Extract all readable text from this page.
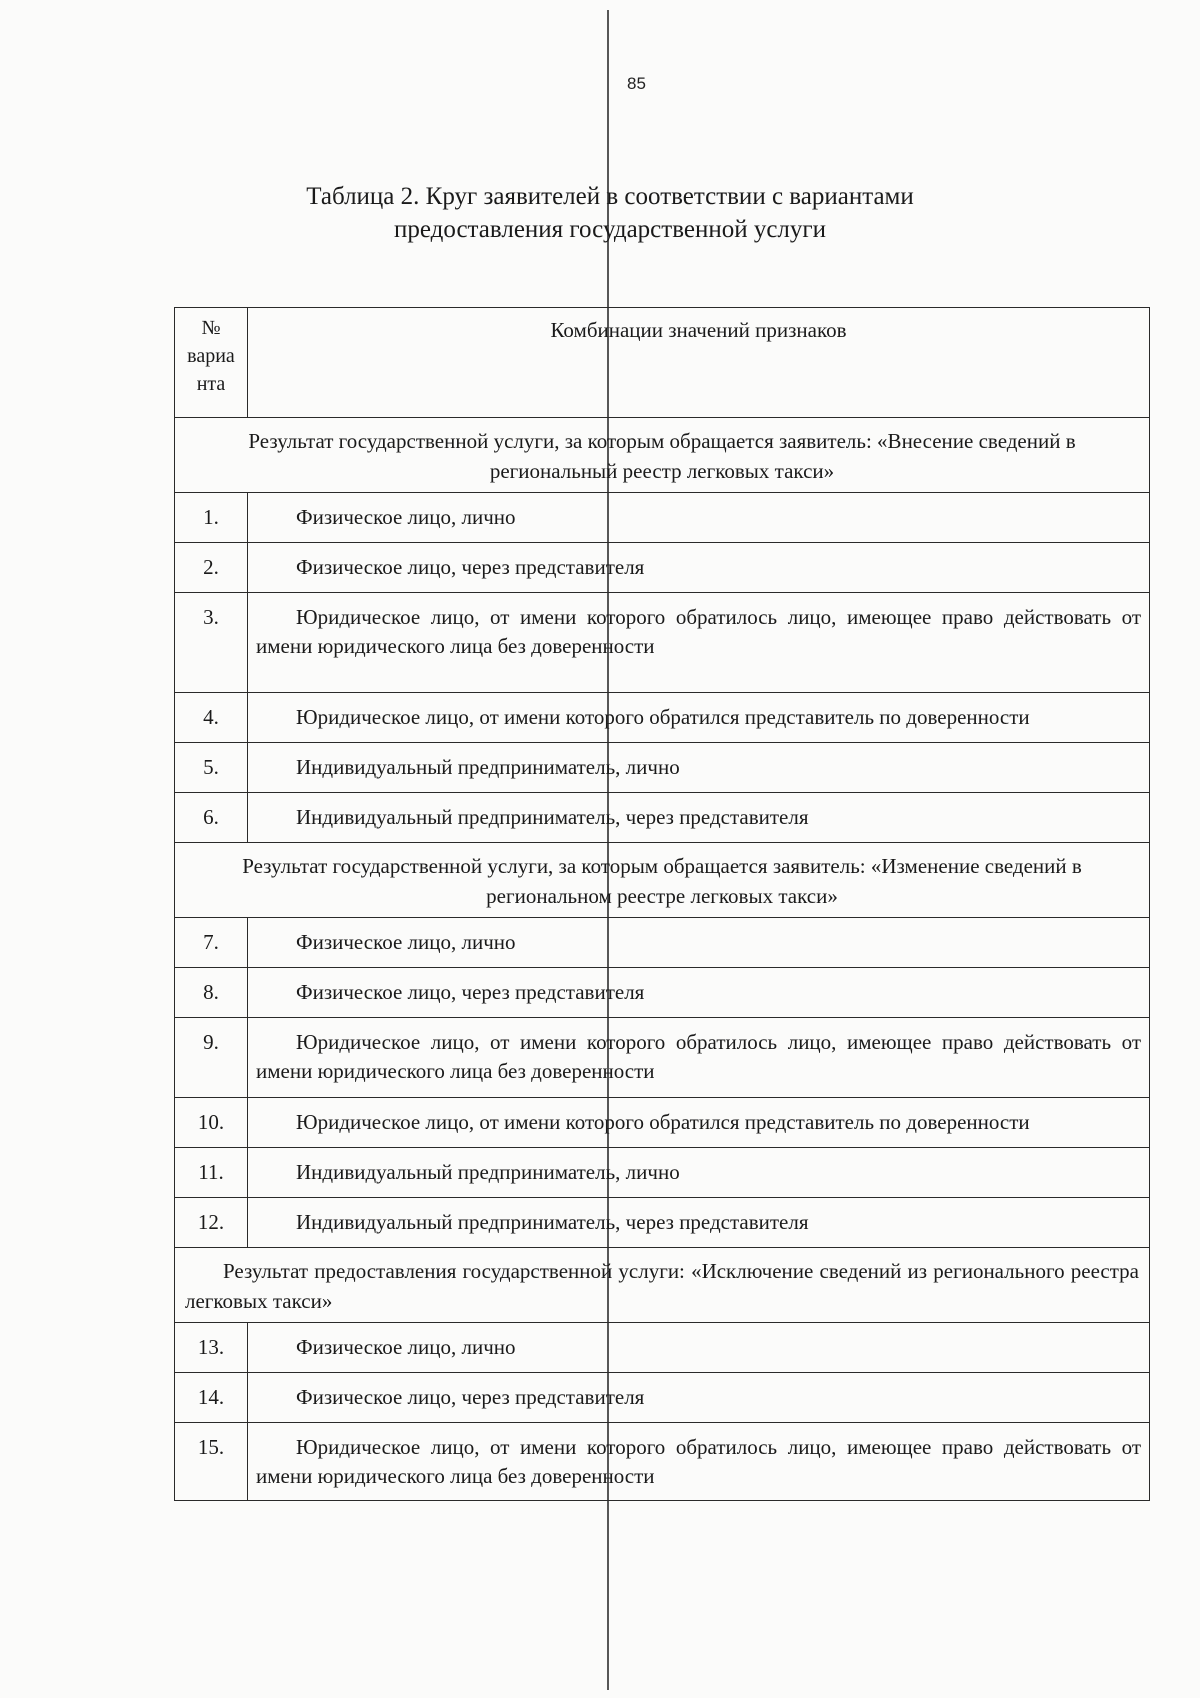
85
Таблица 2. Круг заявителей в соответствии с вариантами
предоставления государственной услуги
№
вариа
нта	Комбинации значений признаков
Результат государственной услуги, за которым обращается заявитель: «Внесение сведений в региональный реестр легковых такси»	
1.	Физическое лицо, лично
2.	Физическое лицо, через представителя
3.	Юридическое лицо, от имени которого обратилось лицо, имеющее право действовать от имени юридического лица без доверенности
4.	Юридическое лицо, от имени которого обратился представитель по доверенности
5.	Индивидуальный предприниматель, лично
6.	Индивидуальный предприниматель, через представителя
Результат государственной услуги, за которым обращается заявитель: «Изменение сведений в региональном реестре легковых такси»	
7.	Физическое лицо, лично
8.	Физическое лицо, через представителя
9.	Юридическое лицо, от имени которого обратилось лицо, имеющее право действовать от имени юридического лица без доверенности
10.	Юридическое лицо, от имени которого обратился представитель по доверенности
11.	Индивидуальный предприниматель, лично
12.	Индивидуальный предприниматель, через представителя
Результат предоставления государственной услуги: «Исключение сведений из регионального реестра легковых такси»	
13.	Физическое лицо, лично
14.	Физическое лицо, через представителя
15.	Юридическое лицо, от имени которого обратилось лицо, имеющее право действовать от имени юридического лица без доверенности
